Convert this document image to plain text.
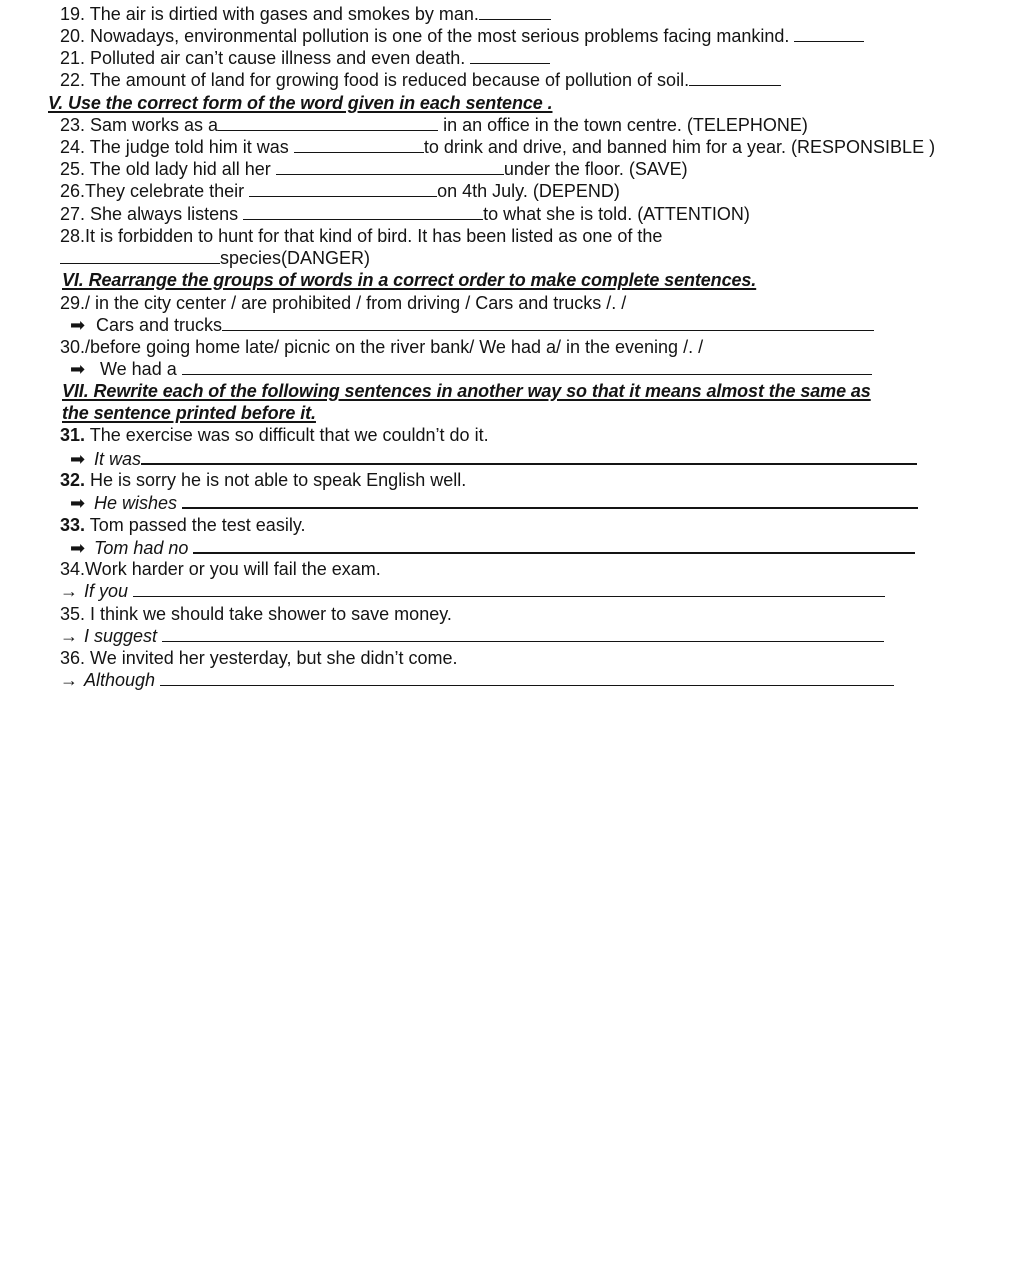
19. The air is dirtied with gases and smokes by man.
20. Nowadays, environmental pollution is one of the most serious problems facing mankind.
21. Polluted air can’t cause illness and even death.
22. The amount of land for growing food is reduced because of pollution of soil.
V. Use the correct form of the word given in each sentence .
23. Sam works as a	in an office in the town centre. (TELEPHONE)
24. The judge told him it was	to drink and drive, and banned him for a year. (RESPONSIBLE )
25. The old lady hid all her	under the floor. (SAVE)
26.They celebrate their	on 4th July. (DEPEND)
27. She always listens	to what she is told. (ATTENTION)
28.It is forbidden to hunt for that kind of bird. It has been listed as one of the
species(DANGER)
VI. Rearrange the groups of words in a correct order to make complete sentences.
29./ in the city center / are prohibited / from driving / Cars and trucks /. /
➡ Cars and trucks
30./before going home late/ picnic on the river bank/ We had a/ in the evening /. /
➡ We had a
VII. Rewrite each of the following sentences in another way so that it means almost the same as
the sentence printed before it.
31. The exercise was so difficult that we couldn’t do it.
➡ It was
32. He is sorry he is not able to speak English well.
➡ He wishes
33. Tom passed the test easily.
➡ Tom had no
34.Work harder or you will fail the exam.
→ If you
35. I think we should take shower to save money.
→ I suggest
36. We invited her yesterday, but she didn’t come.
→ Although
